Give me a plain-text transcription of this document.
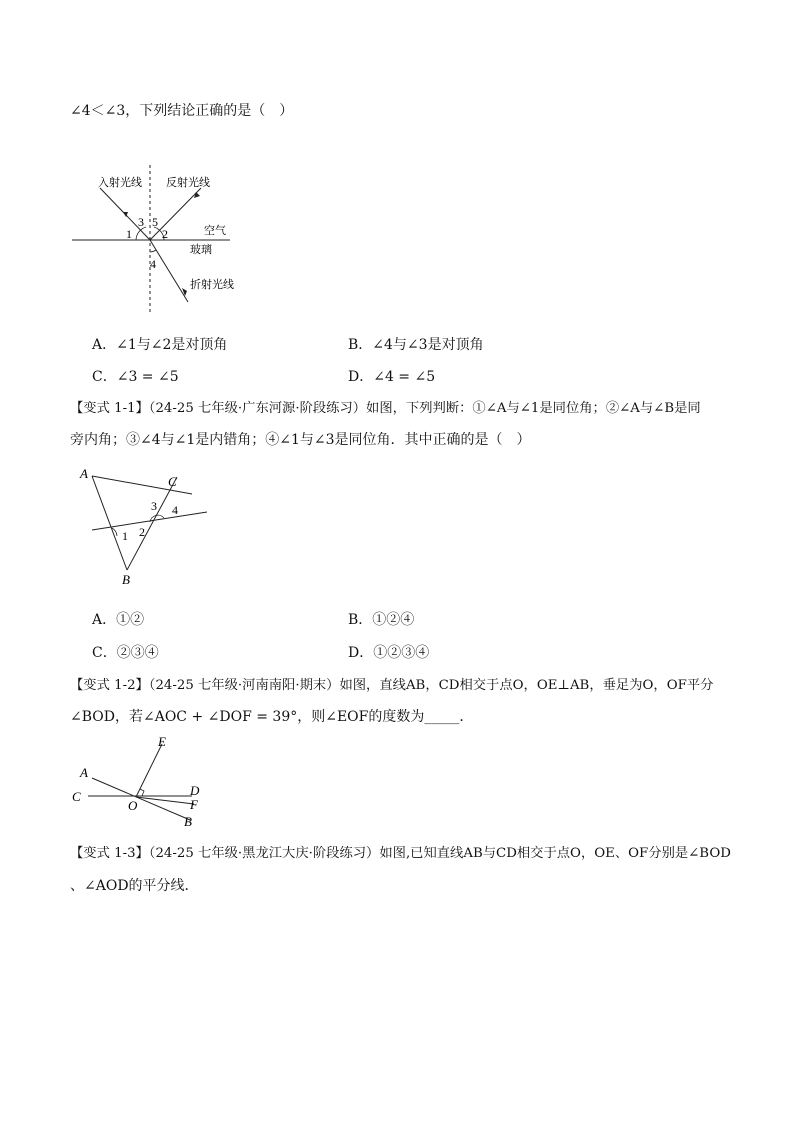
∠4＜∠3，下列结论正确的是（　）
入射光线 反射光线
折射光线
空气
玻璃
1	2
3 5
4
A．∠1与∠2是对顶角	B．∠4与∠3是对顶角
C．∠3 = ∠5	D．∠4 = ∠5
【变式 1-1】（24-25 七年级·广东河源·阶段练习）如图，下列判断：①∠A与∠1是同位角；②∠A与∠B是同
旁内角；③∠4与∠1是内错角；④∠1与∠3是同位角．其中正确的是（　）
A
B
C
1 2
3 4
A．①②	B．①②④
C．②③④	D．①②③④
【变式 1-2】（24-25 七年级·河南南阳·期末）如图，直线AB，CD相交于点O，OE⊥AB，垂足为O，OF平分
∠BOD，若∠AOC + ∠DOF = 39°，则∠EOF的度数为_____．
A
C
E
D
F
B
O
【变式 1-3】（24-25 七年级·黑龙江大庆·阶段练习）如图,已知直线AB与CD相交于点O，OE、OF分别是∠BOD
、∠AOD的平分线．
